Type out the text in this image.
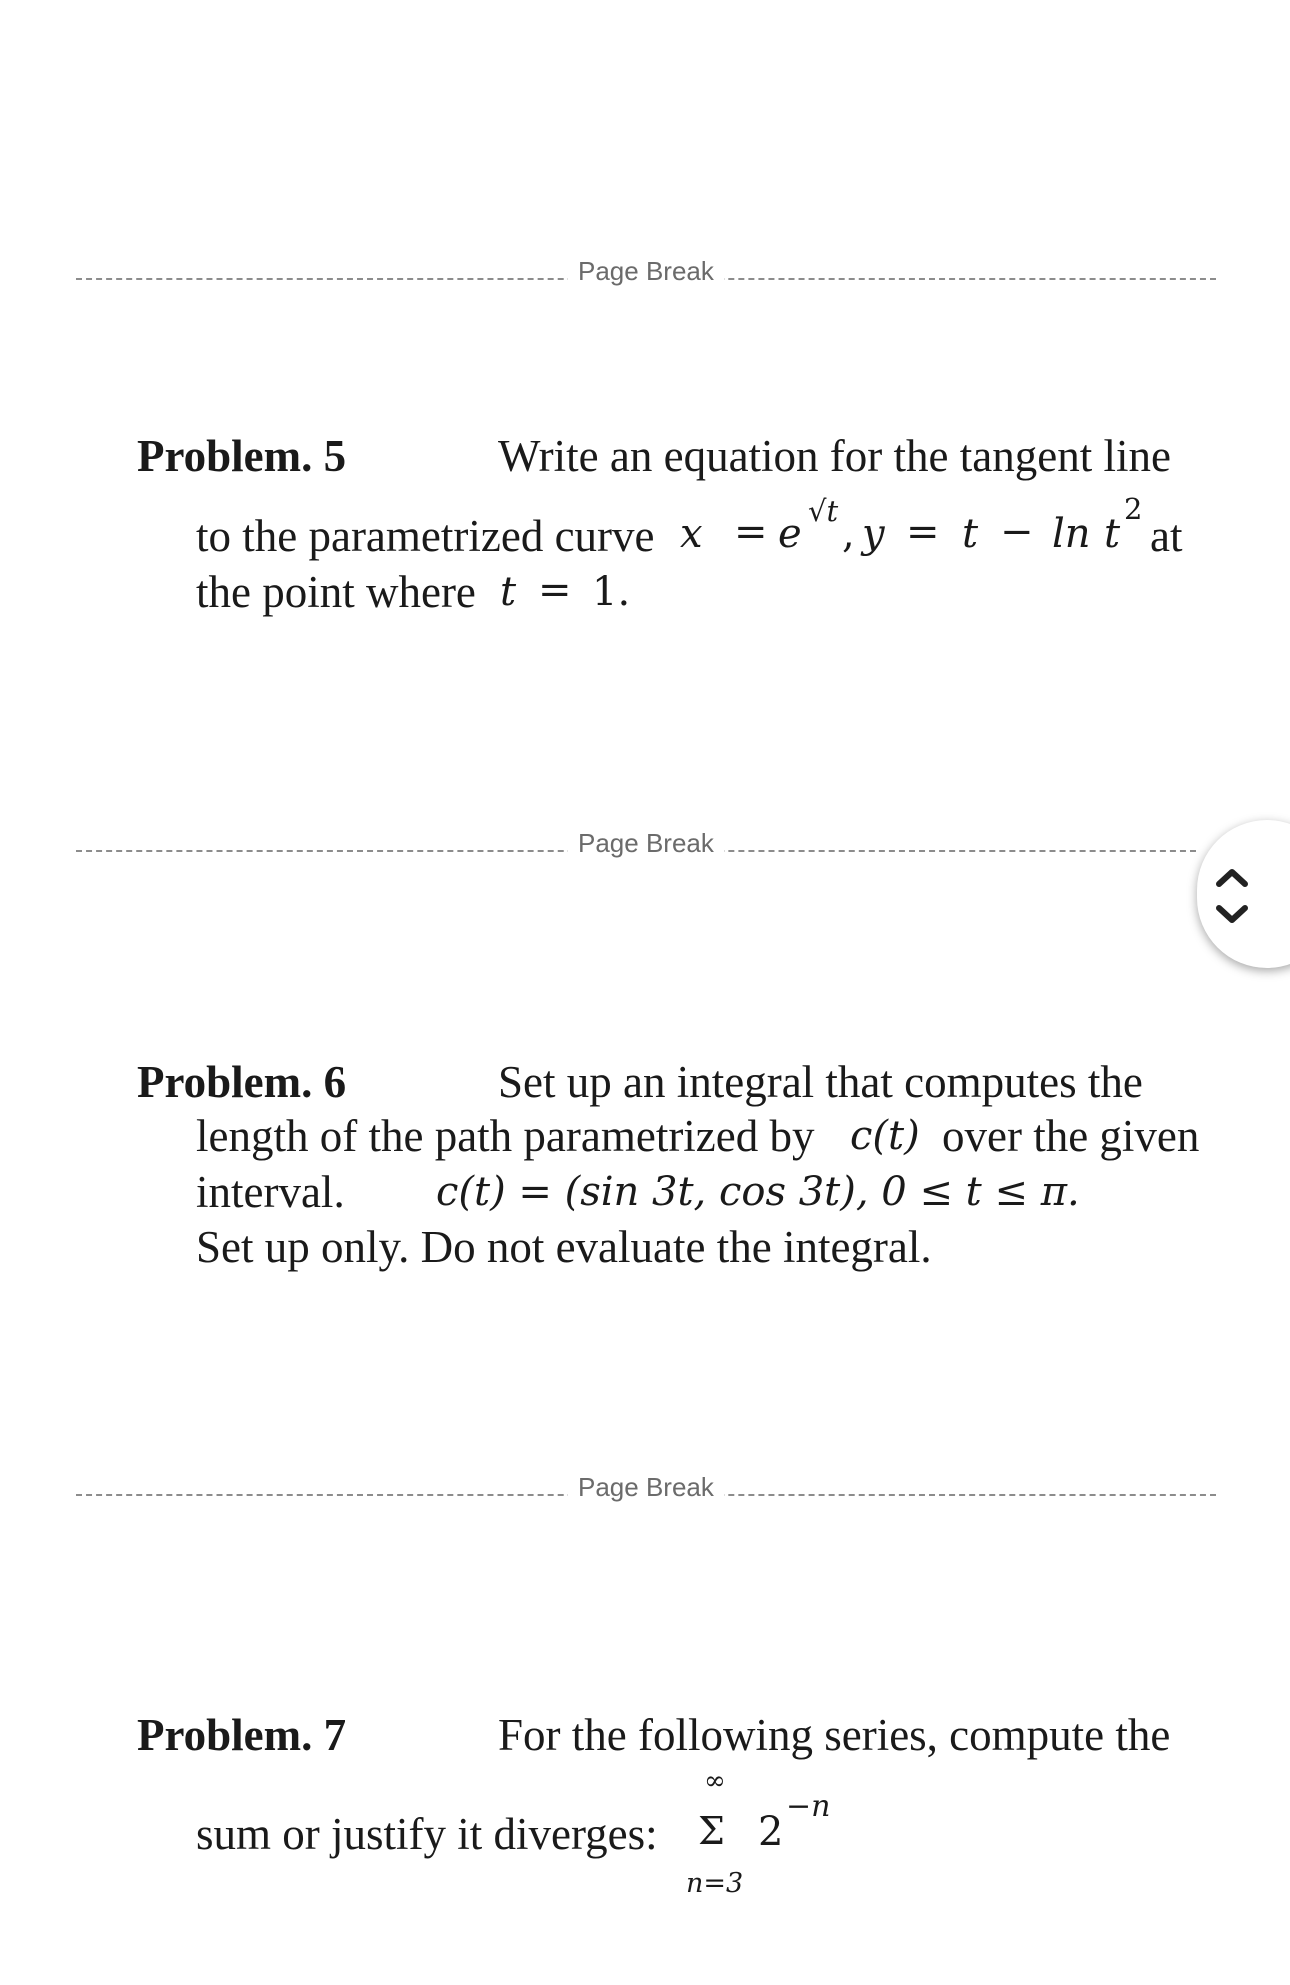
Page Break
Problem. 5	Write an equation for the tangent line
to the parametrized curve x = e √t , y = t − ln t
2
at
the point where t = 1.
Page Break
Problem. 6	Set up an integral that computes the
length of the path parametrized by c(t) over the given
interval. c(t) = (sin 3t, cos 3t), 0 ≤ t ≤ π.
Set up only. Do not evaluate the integral.
Page Break
Problem. 7	For the following series, compute the
sum or justify it diverges:
∞
Σ 2
−n
n=3
